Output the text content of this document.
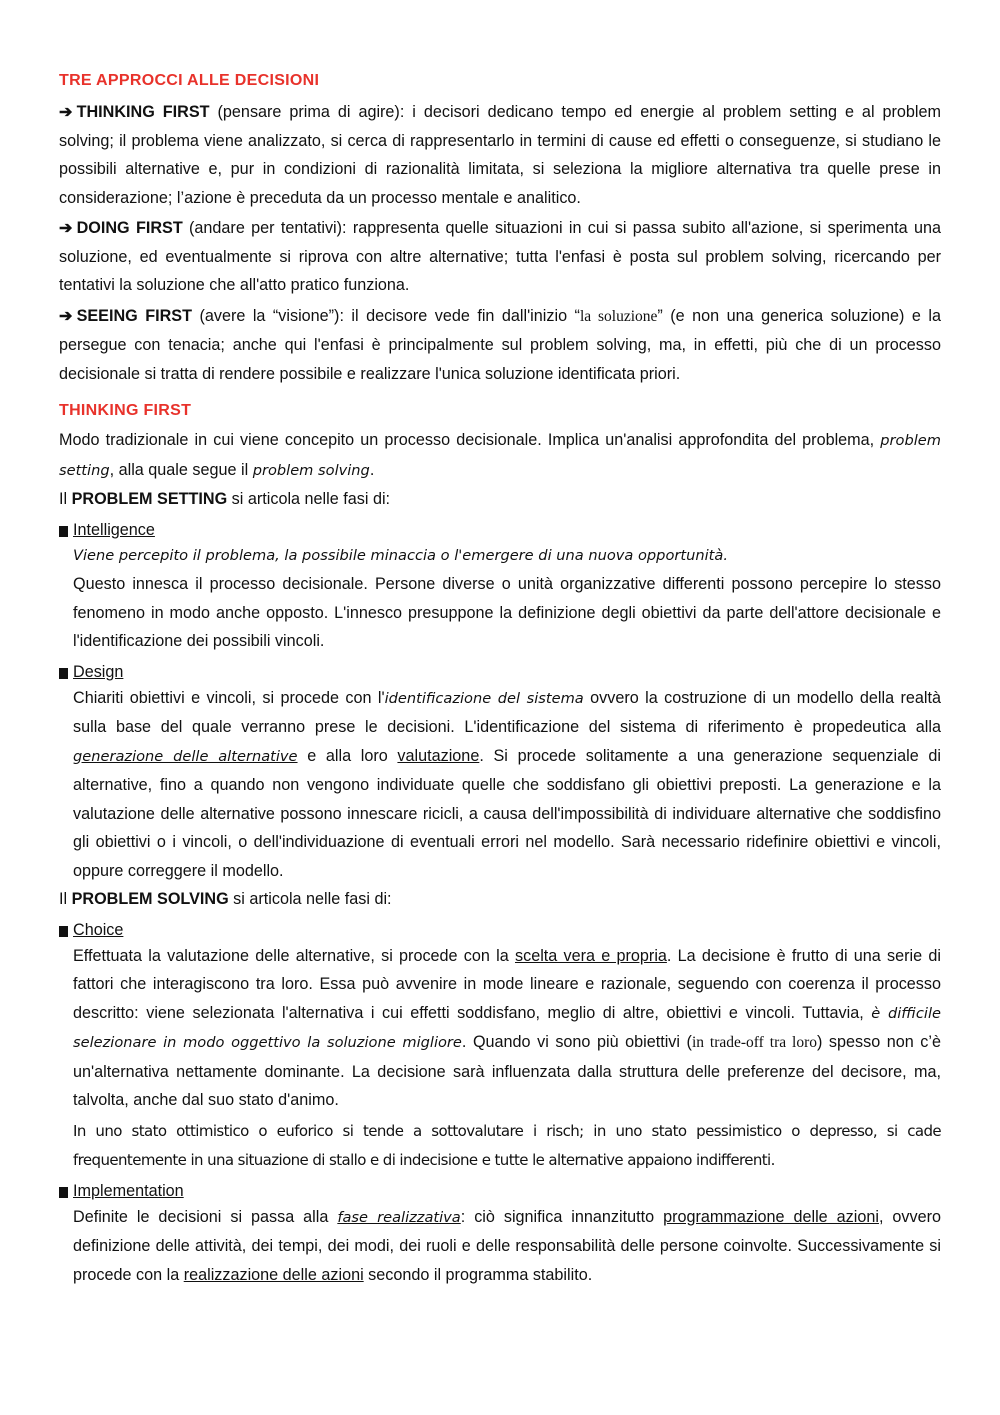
TRE APPROCCI ALLE DECISIONI

➔ THINKING FIRST (pensare prima di agire): i decisori dedicano tempo ed energie al problem setting e al problem solving; il problema viene analizzato, si cerca di rappresentarlo in termini di cause ed effetti o conseguenze, si studiano le possibili alternative e, pur in condizioni di razionalità limitata, si seleziona la migliore alternativa tra quelle prese in considerazione; l’azione è preceduta da un processo mentale e analitico.

➔ DOING FIRST (andare per tentativi): rappresenta quelle situazioni in cui si passa subito all'azione, si sperimenta una soluzione, ed eventualmente si riprova con altre alternative; tutta l'enfasi è posta sul problem solving, ricercando per tentativi la soluzione che all'atto pratico funziona.

➔ SEEING FIRST (avere la “visione”): il decisore vede fin dall'inizio “la soluzione” (e non una generica soluzione) e la persegue con tenacia; anche qui l'enfasi è principalmente sul problem solving, ma, in effetti, più che di un processo decisionale si tratta di rendere possibile e realizzare l'unica soluzione identificata priori.

THINKING FIRST

Modo tradizionale in cui viene concepito un processo decisionale. Implica un'analisi approfondita del problema, problem setting, alla quale segue il problem solving.

Il PROBLEM SETTING si articola nelle fasi di:

Intelligence

Viene percepito il problema, la possibile minaccia o l'emergere di una nuova opportunità.

Questo innesca il processo decisionale. Persone diverse o unità organizzative differenti possono percepire lo stesso fenomeno in modo anche opposto. L'innesco presuppone la definizione degli obiettivi da parte dell'attore decisionale e l'identificazione dei possibili vincoli.

Design

Chiariti obiettivi e vincoli, si procede con l'identificazione del sistema ovvero la costruzione di un modello della realtà sulla base del quale verranno prese le decisioni. L'identificazione del sistema di riferimento è propedeutica alla generazione delle alternative e alla loro valutazione. Si procede solitamente a una generazione sequenziale di alternative, fino a quando non vengono individuate quelle che soddisfano gli obiettivi preposti. La generazione e la valutazione delle alternative possono innescare ricicli, a causa dell'impossibilità di individuare alternative che soddisfino gli obiettivi o i vincoli, o dell'individuazione di eventuali errori nel modello. Sarà necessario ridefinire obiettivi e vincoli, oppure correggere il modello.

Il PROBLEM SOLVING si articola nelle fasi di:

Choice

Effettuata la valutazione delle alternative, si procede con la scelta vera e propria. La decisione è frutto di una serie di fattori che interagiscono tra loro. Essa può avvenire in mode lineare e razionale, seguendo con coerenza il processo descritto: viene selezionata l'alternativa i cui effetti soddisfano, meglio di altre, obiettivi e vincoli. Tuttavia, è difficile selezionare in modo oggettivo la soluzione migliore. Quando vi sono più obiettivi (in trade-off tra loro) spesso non c’è un'alternativa nettamente dominante. La decisione sarà influenzata dalla struttura delle preferenze del decisore, ma, talvolta, anche dal suo stato d'animo.

In uno stato ottimistico o euforico si tende a sottovalutare i risch; in uno stato pessimistico o depresso, si cade frequentemente in una situazione di stallo e di indecisione e tutte le alternative appaiono indifferenti.

Implementation

Definite le decisioni si passa alla fase realizzativa: ciò significa innanzitutto programmazione delle azioni, ovvero definizione delle attività, dei tempi, dei modi, dei ruoli e delle responsabilità delle persone coinvolte. Successivamente si procede con la realizzazione delle azioni secondo il programma stabilito.
